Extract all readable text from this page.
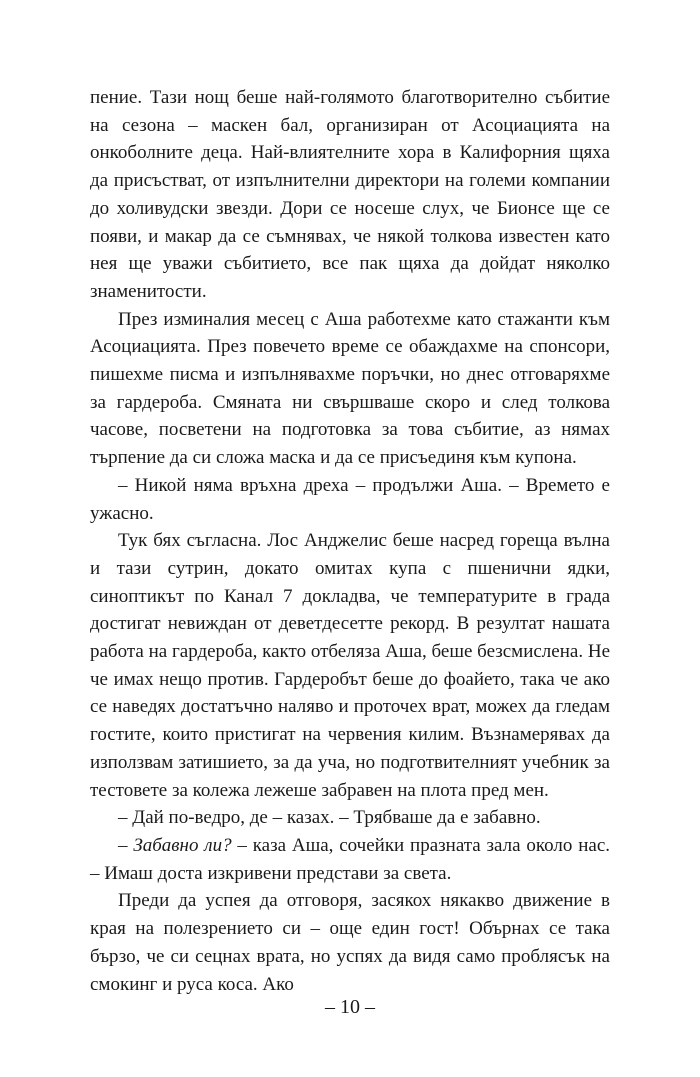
пение. Тази нощ беше най-голямото благотворително събитие на сезона – маскен бал, организиран от Асоциацията на онкоболните деца. Най-влиятелните хора в Калифорния щяха да присъстват, от изпълнителни директори на големи компании до холивудски звезди. Дори се носеше слух, че Бионсе ще се появи, и макар да се съмнявах, че някой толкова известен като нея ще уважи събитието, все пак щяха да дойдат няколко знаменитости.

През изминалия месец с Аша работехме като стажанти към Асоциацията. През повечето време се обаждахме на спонсори, пишехме писма и изпълнявахме поръчки, но днес отговаряхме за гардероба. Смяната ни свършваше скоро и след толкова часове, посветени на подготовка за това събитие, аз нямах търпение да си сложа маска и да се присъединя към купона.

– Никой няма връхна дреха – продължи Аша. – Времето е ужасно.

Тук бях съгласна. Лос Анджелис беше насред гореща вълна и тази сутрин, докато омитах купа с пшенични ядки, синоптикът по Канал 7 докладва, че температурите в града достигат невиждан от деветдесетте рекорд. В резултат нашата работа на гардероба, както отбеляза Аша, беше безсмислена. Не че имах нещо против. Гардеробът беше до фоайето, така че ако се наведях достатъчно наляво и проточех врат, можех да гледам гостите, които пристигат на червения килим. Възнамерявах да използвам затишието, за да уча, но подготвителният учебник за тестовете за колежа лежеше забравен на плота пред мен.

– Дай по-ведро, де – казах. – Трябваше да е забавно.

– Забавно ли? – каза Аша, сочейки празната зала около нас. – Имаш доста изкривени представи за света.

Преди да успея да отговоря, засякох някакво движение в края на полезрението си – още един гост! Обърнах се така бързо, че си сецнах врата, но успях да видя само проблясък на смокинг и руса коса. Ако

– 10 –
